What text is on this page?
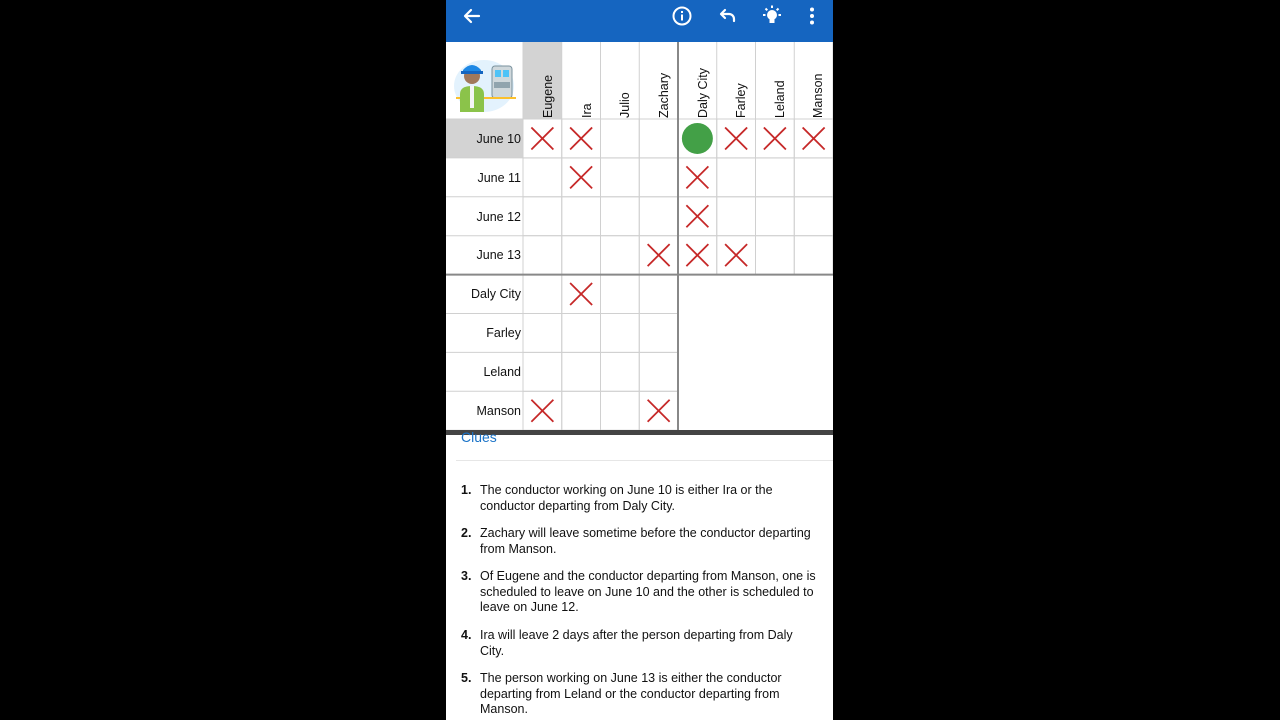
Eugene Ira Julio Zachary Daly City Farley Leland Manson
June 10
June 11
June 12
June 13
Daly City
Farley
Leland
Manson
Clues
1. The conductor working on June 10 is either Ira or the conductor departing from Daly City.
2. Zachary will leave sometime before the conductor departing from Manson.
3. Of Eugene and the conductor departing from Manson, one is scheduled to leave on June 10 and the other is scheduled to leave on June 12.
4. Ira will leave 2 days after the person departing from Daly City.
5. The person working on June 13 is either the conductor departing from Leland or the conductor departing from Manson.
